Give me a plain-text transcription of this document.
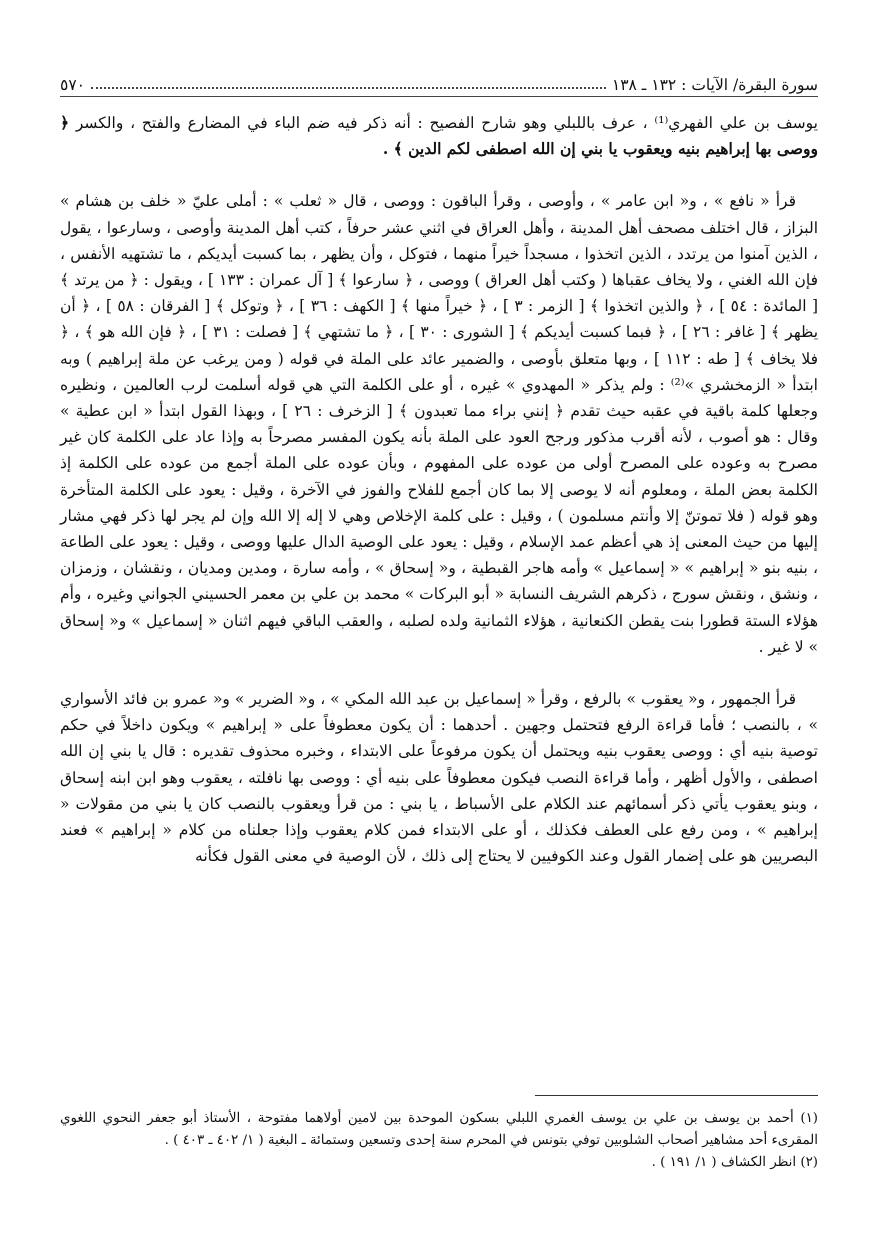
سورة البقرة/ الآيات : ١٣٢ ـ ١٣٨
٥٧٠

يوسف بن علي الفهري⁽¹⁾ ، عرف باللبلي وهو شارح الفصيح : أنه ذكر فيه ضم الباء في المضارع والفتح ، والكسر ﴿ ووصى بها إبراهيم بنيه ويعقوب يا بني إن الله اصطفى لكم الدين ﴾ .

قرأ « نافع » ، و« ابن عامر » ، وأوصى ، وقرأ الباقون : ووصى ، قال « ثعلب » : أملى عليّ « خلف بن هشام » البزاز ، قال اختلف مصحف أهل المدينة ، وأهل العراق في اثني عشر حرفاً ، كتب أهل المدينة وأوصى ، وسارعوا ، يقول ، الذين آمنوا من يرتدد ، الذين اتخذوا ، مسجداً خيراً منهما ، فتوكل ، وأن يظهر ، بما كسبت أيديكم ، ما تشتهيه الأنفس ، فإن الله الغني ، ولا يخاف عقباها ( وكتب أهل العراق ) ووصى ، ﴿ سارعوا ﴾ [ آل عمران : ١٣٣ ] ، ويقول : ﴿ من يرتد ﴾ [ المائدة : ٥٤ ] ، ﴿ والذين اتخذوا ﴾ [ الزمر : ٣ ] ، ﴿ خيراً منها ﴾ [ الكهف : ٣٦ ] ، ﴿ وتوكل ﴾ [ الفرقان : ٥٨ ] ، ﴿ أن يظهر ﴾ [ غافر : ٢٦ ] ، ﴿ فبما كسبت أيديكم ﴾ [ الشورى : ٣٠ ] ، ﴿ ما تشتهي ﴾ [ فصلت : ٣١ ] ، ﴿ فإن الله هو ﴾ ، ﴿ فلا يخاف ﴾ [ طه : ١١٢ ] ، وبها متعلق بأوصى ، والضمير عائد على الملة في قوله ( ومن يرغب عن ملة إبراهيم ) وبه ابتدأ « الزمخشري »⁽²⁾ : ولم يذكر « المهدوي » غيره ، أو على الكلمة التي هي قوله أسلمت لرب العالمين ، ونظيره وجعلها كلمة باقية في عقبه حيث تقدم ﴿ إنني براء مما تعبدون ﴾ [ الزخرف : ٢٦ ] ، وبهذا القول ابتدأ « ابن عطية » وقال : هو أصوب ، لأنه أقرب مذكور ورجح العود على الملة بأنه يكون المفسر مصرحاً به وإذا عاد على الكلمة كان غير مصرح به وعوده على المصرح أولى من عوده على المفهوم ، وبأن عوده على الملة أجمع من عوده على الكلمة إذ الكلمة بعض الملة ، ومعلوم أنه لا يوصى إلا بما كان أجمع للفلاح والفوز في الآخرة ، وقيل : يعود على الكلمة المتأخرة وهو قوله ( فلا تموتنّ إلا وأنتم مسلمون ) ، وقيل : على كلمة الإخلاص وهي لا إله إلا الله وإن لم يجر لها ذكر فهي مشار إليها من حيث المعنى إذ هي أعظم عمد الإسلام ، وقيل : يعود على الوصية الدال عليها ووصى ، وقيل : يعود على الطاعة ، بنيه بنو « إبراهيم » « إسماعيل » وأمه هاجر القبطية ، و« إسحاق » ، وأمه سارة ، ومدين ومديان ، ونقشان ، وزمزان ، ونشق ، ونقش سورج ، ذكرهم الشريف النسابة « أبو البركات » محمد بن علي بن معمر الحسيني الجواني وغيره ، وأم هؤلاء الستة قطورا بنت يقطن الكنعانية ، هؤلاء الثمانية ولده لصلبه ، والعقب الباقي فيهم اثنان « إسماعيل » و« إسحاق » لا غير .

قرأ الجمهور ، و« يعقوب » بالرفع ، وقرأ « إسماعيل بن عبد الله المكي » ، و« الضرير » و« عمرو بن فائد الأسواري » ، بالنصب ؛ فأما قراءة الرفع فتحتمل وجهين . أحدهما : أن يكون معطوفاً على « إبراهيم » ويكون داخلاً في حكم توصية بنيه أي : ووصى يعقوب بنيه ويحتمل أن يكون مرفوعاً على الابتداء ، وخبره محذوف تقديره : قال يا بني إن الله اصطفى ، والأول أظهر ، وأما قراءة النصب فيكون معطوفاً على بنيه أي : ووصى بها نافلته ، يعقوب وهو ابن ابنه إسحاق ، وبنو يعقوب يأتي ذكر أسمائهم عند الكلام على الأسباط ، يا بني : من قرأ ويعقوب بالنصب كان يا بني من مقولات « إبراهيم » ، ومن رفع على العطف فكذلك ، أو على الابتداء فمن كلام يعقوب وإذا جعلناه من كلام « إبراهيم » فعند البصريين هو على إضمار القول وعند الكوفيين لا يحتاج إلى ذلك ، لأن الوصية في معنى القول فكأنه

(١) أحمد بن يوسف بن علي بن يوسف الغمري اللبلي بسكون الموحدة بين لامين أولاهما مفتوحة ، الأستاذ أبو جعفر النحوي اللغوي المقرىء أحد مشاهير أصحاب الشلوبين توفي بتونس في المحرم سنة إحدى وتسعين وستمائة ـ البغية ( ١/ ٤٠٢ ـ ٤٠٣ ) .

(٢) انظر الكشاف ( ١/ ١٩١ ) .
